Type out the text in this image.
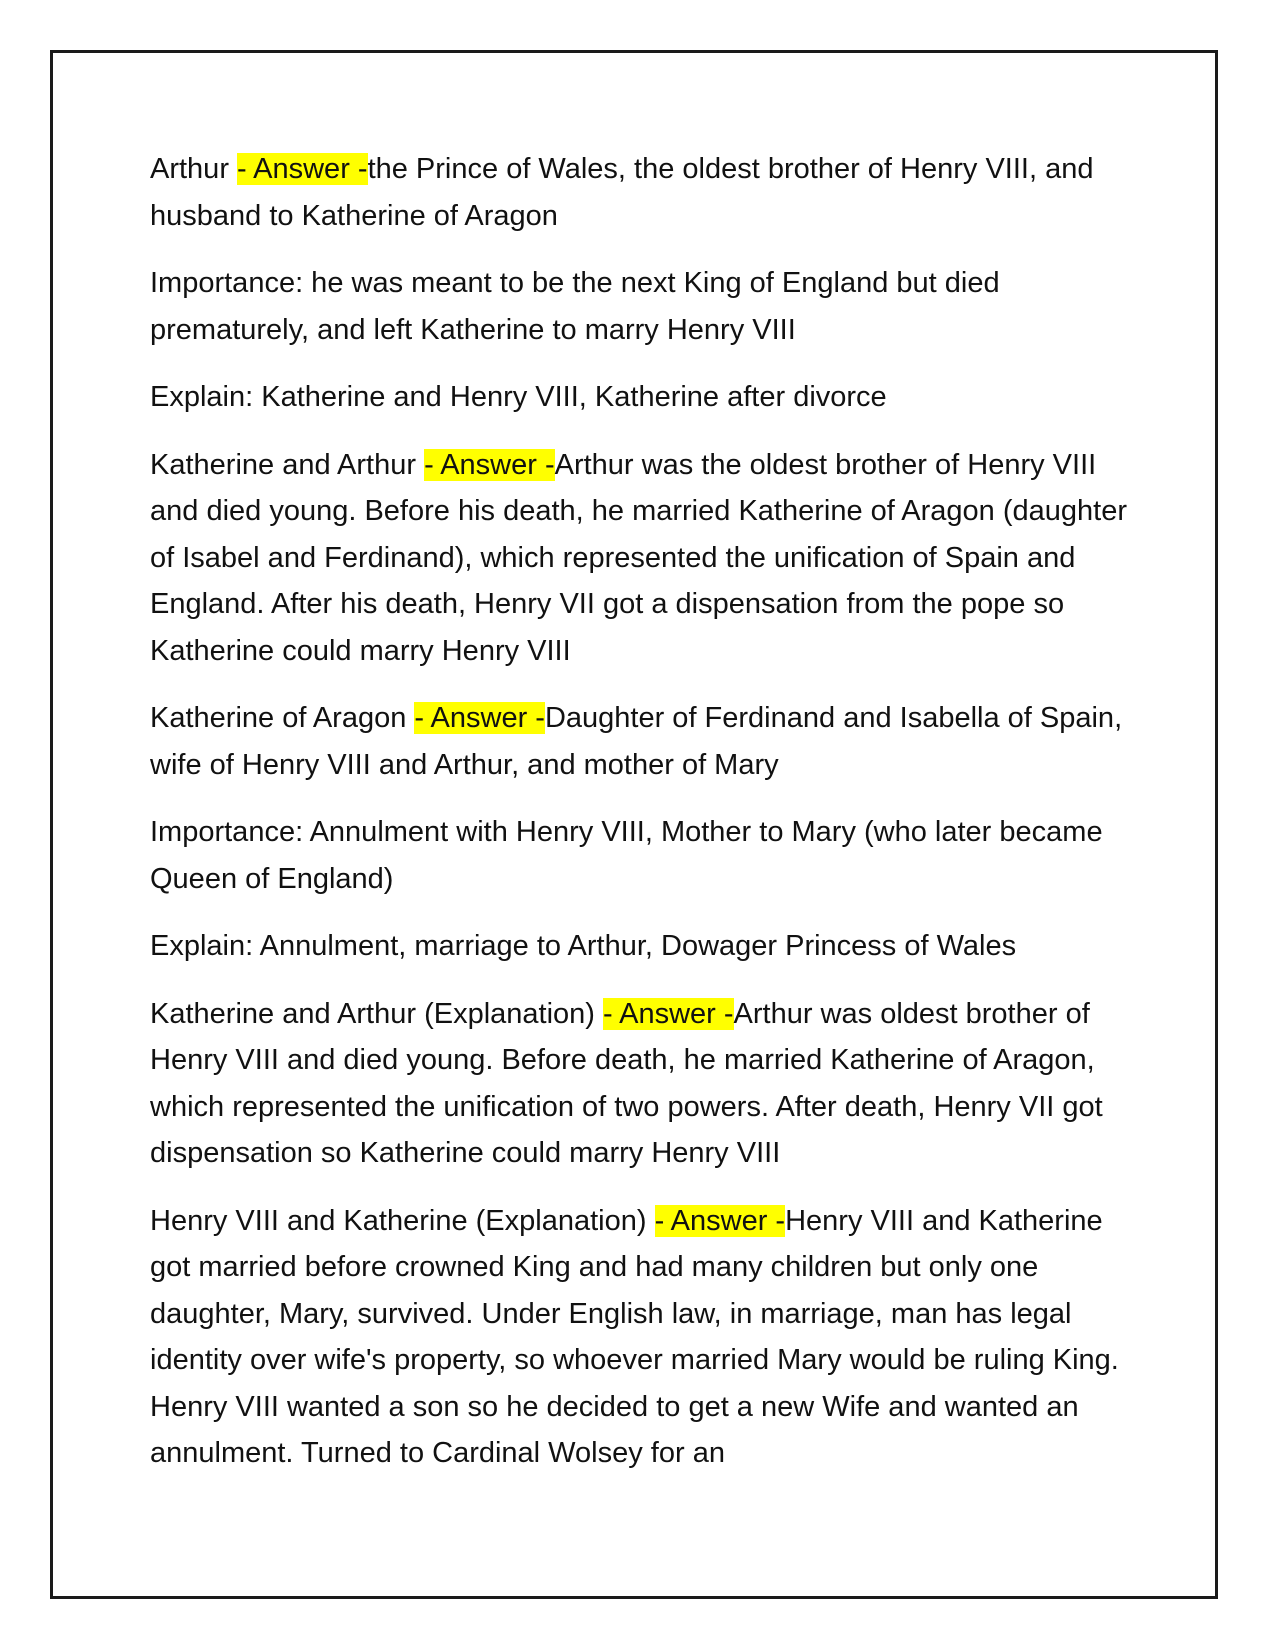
Arthur - Answer -the Prince of Wales, the oldest brother of Henry VIII, and husband to Katherine of Aragon

Importance: he was meant to be the next King of England but died prematurely, and left Katherine to marry Henry VIII

Explain: Katherine and Henry VIII, Katherine after divorce

Katherine and Arthur - Answer -Arthur was the oldest brother of Henry VIII and died young. Before his death, he married Katherine of Aragon (daughter of Isabel and Ferdinand), which represented the unification of Spain and England. After his death, Henry VII got a dispensation from the pope so Katherine could marry Henry VIII

Katherine of Aragon - Answer -Daughter of Ferdinand and Isabella of Spain, wife of Henry VIII and Arthur, and mother of Mary

Importance: Annulment with Henry VIII, Mother to Mary (who later became Queen of England)

Explain: Annulment, marriage to Arthur, Dowager Princess of Wales

Katherine and Arthur (Explanation) - Answer -Arthur was oldest brother of Henry VIII and died young. Before death, he married Katherine of Aragon, which represented the unification of two powers. After death, Henry VII got dispensation so Katherine could marry Henry VIII

Henry VIII and Katherine (Explanation) - Answer -Henry VIII and Katherine got married before crowned King and had many children but only one daughter, Mary, survived. Under English law, in marriage, man has legal identity over wife's property, so whoever married Mary would be ruling King. Henry VIII wanted a son so he decided to get a new Wife and wanted an annulment. Turned to Cardinal Wolsey for an
